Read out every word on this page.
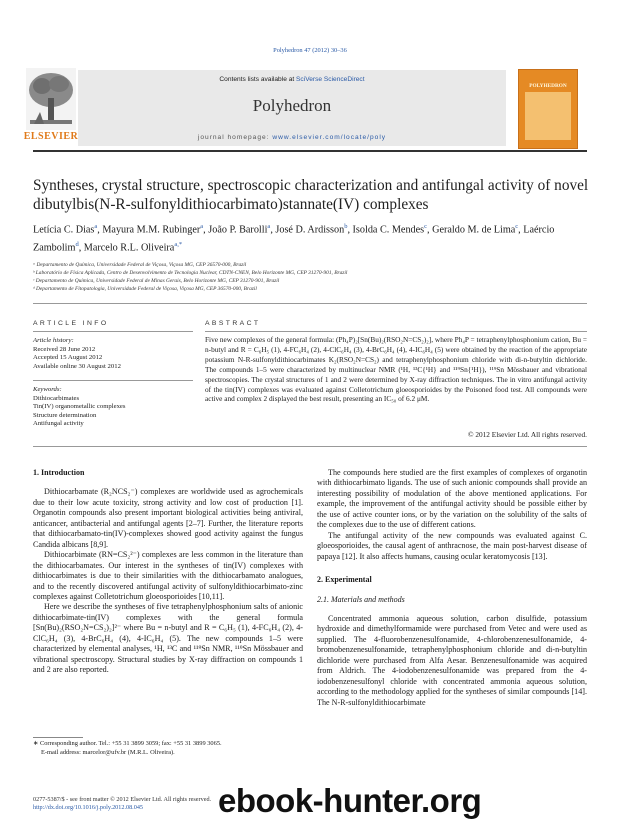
Polyhedron 47 (2012) 30–36
Contents lists available at SciVerse ScienceDirect
Polyhedron
journal homepage: www.elsevier.com/locate/poly
ELSEVIER
POLYHEDRON
Syntheses, crystal structure, spectroscopic characterization and antifungal activity of novel dibutylbis(N-R-sulfonyldithiocarbimato)stannate(IV) complexes
Letícia C. Dias$^a$, Mayura M.M. Rubinger$^a$, João P. Barolli$^a$, José D. Ardisson$^b$, Isolda C. Mendes$^c$, Geraldo M. de Lima$^c$, Laércio Zambolim$^d$, Marcelo R.L. Oliveira$^{a,*}$
ᵃ Departamento de Química, Universidade Federal de Viçosa, Viçosa MG, CEP 36570-000, Brazil
ᵇ Laboratório de Física Aplicada, Centro de Desenvolvimento de Tecnologia Nuclear, CDTN-CNEN, Belo Horizonte MG, CEP 31270-901, Brazil
ᶜ Departamento de Química, Universidade Federal de Minas Gerais, Belo Horizonte MG, CEP 31270-901, Brazil
ᵈ Departamento de Fitopatologia, Universidade Federal de Viçosa, Viçosa MG, CEP 36570-000, Brazil
ARTICLE INFO
Article history:
Received 28 June 2012
Accepted 15 August 2012
Available online 30 August 2012
Keywords:
Dithiocarbimates
Tin(IV) organometallic complexes
Structure determination
Antifungal activity
ABSTRACT
Five new complexes of the general formula: (Ph₄P)₂[Sn(Bu)₂(RSO₂N=CS₂)₂], where Ph₄P = tetraphenylphosphonium cation, Bu = n-butyl and R = C₆H₅ (1), 4-FC₆H₄ (2), 4-ClC₆H₄ (3), 4-BrC₆H₄ (4), 4-IC₆H₄ (5) were obtained by the reaction of the appropriate potassium N-R-sulfonyldithiocarbimates K₂(RSO₂N=CS₂) and tetraphenylphosphonium chloride with di-n-butyltin dichloride. The compounds 1–5 were characterized by multinuclear NMR (¹H, ¹³C{¹H} and ¹¹⁹Sn{¹H}), ¹¹⁹Sn Mössbauer and vibrational spectroscopies. The crystal structures of 1 and 2 were determined by X-ray diffraction techniques. The in vitro antifungal activity of the tin(IV) complexes was evaluated against Colletotrichum gloeosporioides by the Poisoned food test. All compounds were active and complex 2 displayed the best result, presenting an IC₅₀ of 6.2 μM.
© 2012 Elsevier Ltd. All rights reserved.
1. Introduction

Dithiocarbamate (R₂NCS₂⁻) complexes are worldwide used as agrochemicals due to their low acute toxicity, strong activity and low cost of production [1]. Organotin compounds also present important biological activities being antiviral, anticancer, antibacterial and antifungal agents [2–7]. Further, the literature reports that dithiocarbamato-tin(IV)-complexes showed good activity against the fungus Candida albicans [8,9].

Dithiocarbimate (RN=CS₂²⁻) complexes are less common in the literature than the dithiocarbamates. Our interest in the syntheses of tin(IV) complexes with dithiocarbimates is due to their similarities with the dithiocarbamato analogues, and to the recently discovered antifungal activity of sulfonyldithiocarbimato-zinc complexes against Colletotrichum gloeosporioides [10,11].

Here we describe the syntheses of five tetraphenylphosphonium salts of anionic dithiocarbimate-tin(IV) complexes with the general formula [Sn(Bu)₂(RSO₂N=CS₂)₂]²⁻ where Bu = n-butyl and R = C₆H₅ (1), 4-FC₆H₄ (2), 4-ClC₆H₄ (3), 4-BrC₆H₄ (4), 4-IC₆H₄ (5). The new compounds 1–5 were characterized by elemental analyses, ¹H, ¹³C and ¹¹⁹Sn NMR, ¹¹⁹Sn Mössbauer and vibrational spectroscopy. Structural studies by X-ray diffraction on compounds 1 and 2 are also reported.

The compounds here studied are the first examples of complexes of organotin with dithiocarbimato ligands. The use of such anionic compounds shall provide an interesting possibility of modulation of the above mentioned applications. For example, the improvement of the antifungal activity should be possible either by the use of active counter ions, or by the variation on the solubility of the salts of the complexes due to the use of different cations.

The antifungal activity of the new compounds was evaluated against C. gloeosporioides, the causal agent of anthracnose, the main post-harvest disease of papaya [12]. It also affects humans, causing ocular keratomycosis [13].

2. Experimental
2.1. Materials and methods

Concentrated ammonia aqueous solution, carbon disulfide, potassium hydroxide and dimethylformamide were purchased from Vetec and were used as supplied. The 4-fluorobenzenesulfonamide, 4-chlorobenzenesulfonamide, 4-bromobenzenesulfonamide, tetraphenylphosphonium chloride and di-n-butyltin dichloride were purchased from Alfa Aesar. Benzenesulfonamide was acquired from Aldrich. The 4-iodobenzenesulfonamide was prepared from the 4-iodobenzenesulfonyl chloride with concentrated ammonia aqueous solution, according to the methodology applied for the syntheses of similar compounds [14]. The N-R-sulfonyldithiocarbimate

∗ Corresponding author. Tel.: +55 31 3899 3059; fax: +55 31 3899 3065.
E-mail address: marcelor@ufv.br (M.R.L. Oliveira).
0277-5387/$ - see front matter © 2012 Elsevier Ltd. All rights reserved.
http://dx.doi.org/10.1016/j.poly.2012.08.045	ebook-hunter.org
